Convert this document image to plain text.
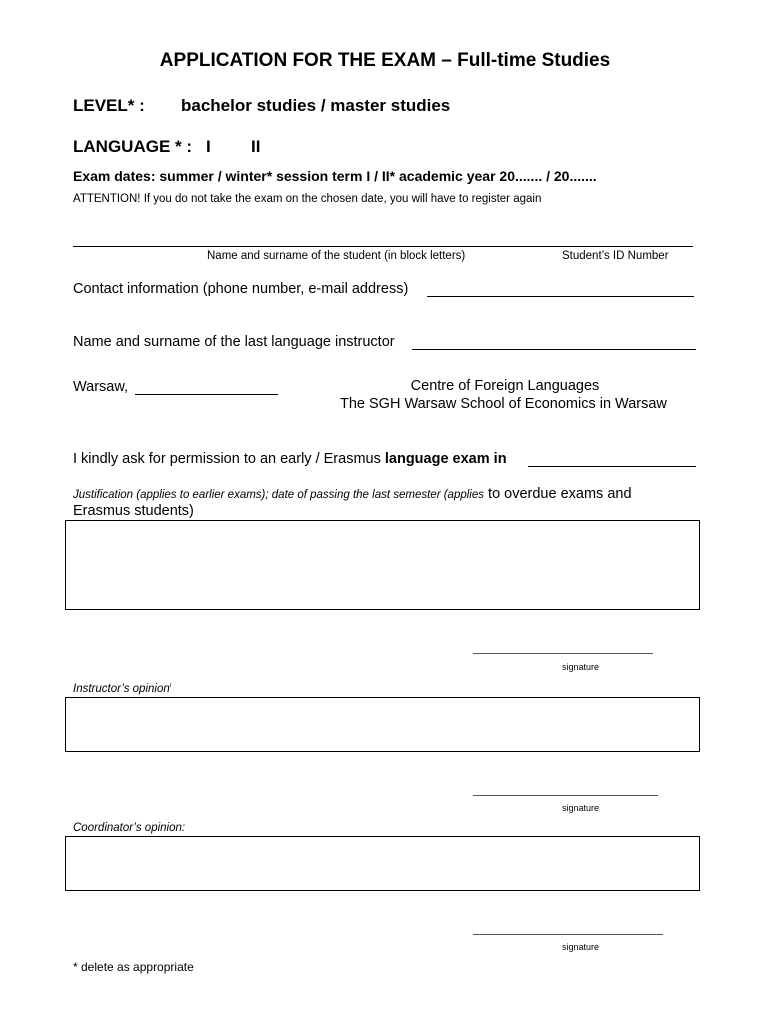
APPLICATION FOR THE EXAM – Full-time Studies
LEVEL* : bachelor studies / master studies
LANGUAGE * : I II
Exam dates: summer / winter* session term I / II* academic year 20....... / 20.......
ATTENTION! If you do not take the exam on the chosen date, you will have to register again
Name and surname of the student (in block letters)	Student’s ID Number
Contact information (phone number, e-mail address)
Name and surname of the last language instructor
Warsaw,	Centre of Foreign Languages
The SGH Warsaw School of Economics in Warsaw
I kindly ask for permission to an early / Erasmus language exam in
Justification (applies to earlier exams); date of passing the last semester (applies to overdue exams and
Erasmus students)
signature
Instructor’s opinion$^i$
signature
Coordinator’s opinion:
signature
* delete as appropriate
